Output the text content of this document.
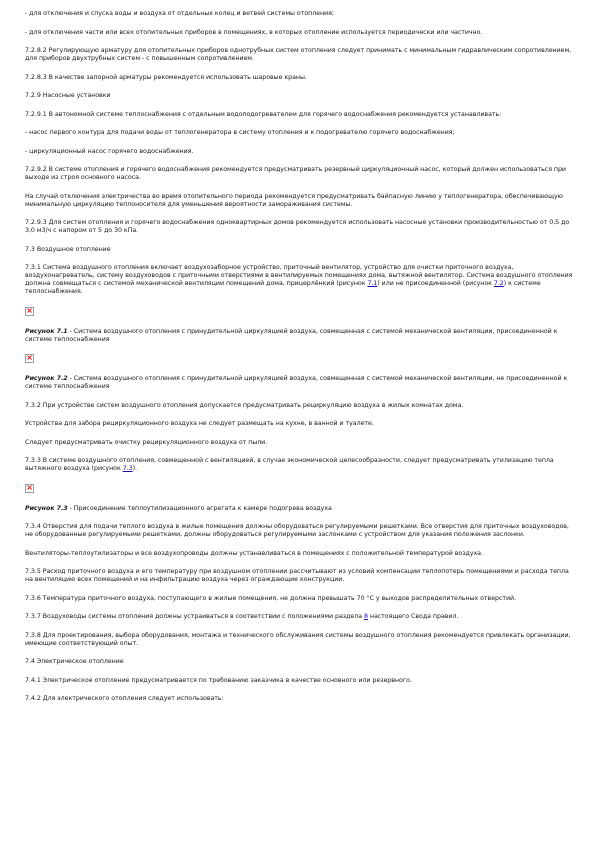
- для отключения и спуска воды и воздуха от отдельных колец и ветвей системы отопления;

- для отключения части или всех отопительных приборов в помещениях, в которых отопление используется периодически или частично.

7.2.8.2 Регулирующую арматуру для отопительных приборов однотрубных систем отопления следует принимать с минимальным гидравлическим сопротивлением, для приборов двухтрубных систем - с повышенным сопротивлением.

7.2.8.3 В качестве запорной арматуры рекомендуется использовать шаровые краны.

7.2.9 Насосные установки

7.2.9.1 В автономной системе теплоснабжения с отдельным водоподогревателем для горячего водоснабжения рекомендуется устанавливать:

- насос первого контура для подачи воды от теплогенератора в систему отопления и к подогревателю горячего водоснабжения;

- циркуляционный насос горячего водоснабжения.

7.2.9.2 В системе отопления и горячего водоснабжения рекомендуется предусматривать резервный циркуляционный насос, который должен использоваться при выходе из строя основного насоса.

На случай отключения электричества во время отопительного периода рекомендуется предусматривать байпасную линию у теплогенератора, обеспечивающую минимальную циркуляцию теплоносителя для уменьшения вероятности замораживания системы.

7.2.9.3 Для систем отопления и горячего водоснабжения одноквартирных домов рекомендуется использовать насосные установки производительностью от 0,5 до 3,0 м3/ч с напором от 5 до 30 кПа.

7.3 Воздушное отопление

7.3.1 Система воздушного отопления включает воздухозаборное устройство, приточный вентилятор, устройство для очистки приточного воздуха, воздухонагреватель, систему воздуховодов с приточными отверстиями в вентилируемых помещениях дома, вытяжной вентилятор. Система воздушного отопления должна совмещаться с системой механической вентиляции помещений дома, прицерлёнкий (рисунок 7.1) или не присоединенной (рисунок 7.2) к системе теплоснабжения.

×

Рисунок 7.1 - Система воздушного отопления с принудительной циркуляцией воздуха, совмещенная с системой механической вентиляции, присоединенной к системе теплоснабжения

×

Рисунок 7.2 - Система воздушного отопления с принудительной циркуляцией воздуха, совмещенная с системой механической вентиляции, не присоединенной к системе теплоснабжения

7.3.2 При устройстве систем воздушного отопления допускается предусматривать рециркуляцию воздуха в жилых комнатах дома.

Устройства для забора рециркуляционного воздуха не следует размещать на кухне, в ванной и туалете.

Следует предусматривать очистку рециркуляционного воздуха от пыли.

7.3.3 В системе воздушного отопления, совмещенной с вентиляцией, в случае экономической целесообразности, следует предусматривать утилизацию тепла вытяжного воздуха (рисунок 7.3).

×

Рисунок 7.3 - Присоединение теплоутилизационного агрегата к камере подогрева воздуха

7.3.4 Отверстия для подачи теплого воздуха в жилые помещения должны оборудоваться регулируемыми решетками. Все отверстия для приточных воздуховодов, не оборудованные регулируемыми решетками, должны оборудоваться регулируемыми заслонками с устройством для указания положения заслонки.

Вентиляторы-теплоутилизаторы и все воздухопроводы должны устанавливаться в помещениях с положительной температурой воздуха.

7.3.5 Расход приточного воздуха и его температуру при воздушном отоплении рассчитывают из условий компенсации теплопотерь помещениями и расхода тепла на вентиляцию всех помещений и на инфильтрацию воздуха через ограждающие конструкции.

7.3.6 Температура приточного воздуха, поступающего в жилые помещения, не должна превышать 70 °С у выходов распределительных отверстий.

7.3.7 Воздуховоды системы отопления должны устраиваться в соответствии с положениями раздела 8 настоящего Свода правил.

7.3.8 Для проектирования, выбора оборудования, монтажа и технического обслуживания системы воздушного отопления рекомендуется привлекать организации, имеющие соответствующий опыт.

7.4 Электрическое отопление

7.4.1 Электрическое отопление предусматривается по требованию заказчика в качестве основного или резервного.

7.4.2 Для электрического отопления следует использовать:
